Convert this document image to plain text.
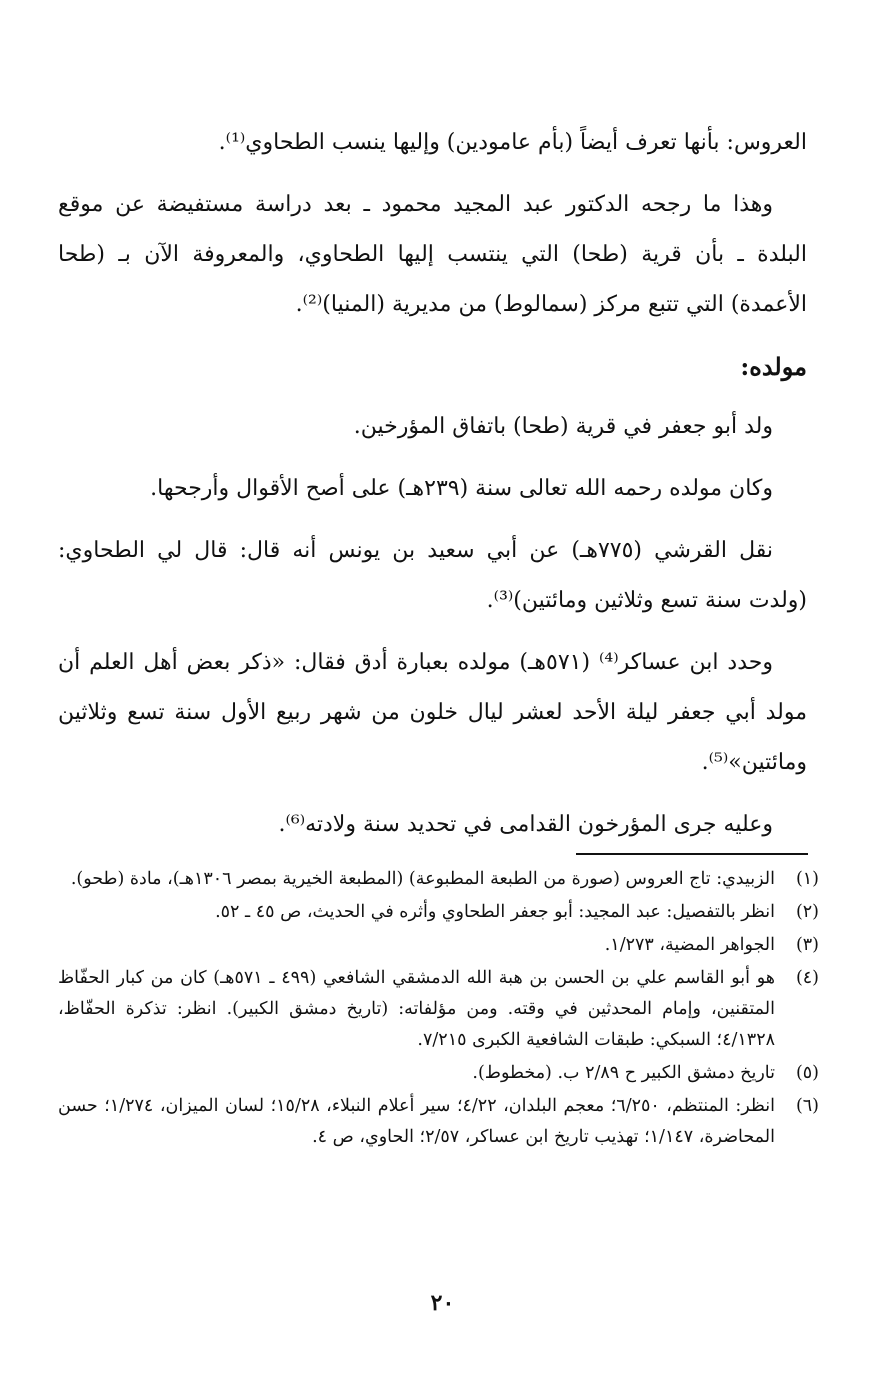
العروس: بأنها تعرف أيضاً (بأم عامودين) وإليها ينسب الطحاوي⁽¹⁾.

وهذا ما رجحه الدكتور عبد المجيد محمود ـ بعد دراسة مستفيضة عن موقع البلدة ـ بأن قرية (طحا) التي ينتسب إليها الطحاوي، والمعروفة الآن بـ (طحا الأعمدة) التي تتبع مركز (سمالوط) من مديرية (المنيا)⁽²⁾.

مولده:

ولد أبو جعفر في قرية (طحا) باتفاق المؤرخين.

وكان مولده رحمه الله تعالى سنة (٢٣٩هـ) على أصح الأقوال وأرجحها.

نقل القرشي (٧٧٥هـ) عن أبي سعيد بن يونس أنه قال: قال لي الطحاوي: (ولدت سنة تسع وثلاثين ومائتين)⁽³⁾.

وحدد ابن عساكر⁽⁴⁾ (٥٧١هـ) مولده بعبارة أدق فقال: «ذكر بعض أهل العلم أن مولد أبي جعفر ليلة الأحد لعشر ليال خلون من شهر ربيع الأول سنة تسع وثلاثين ومائتين»⁽⁵⁾.

وعليه جرى المؤرخون القدامى في تحديد سنة ولادته⁽⁶⁾.

(١)
الزبيدي: تاج العروس (صورة من الطبعة المطبوعة) (المطبعة الخيرية بمصر ١٣٠٦هـ)، مادة (طحو).
(٢)
انظر بالتفصيل: عبد المجيد: أبو جعفر الطحاوي وأثره في الحديث، ص ٤٥ ـ ٥٢.
(٣)
الجواهر المضية، ١/٢٧٣.
(٤)
هو أبو القاسم علي بن الحسن بن هبة الله الدمشقي الشافعي (٤٩٩ ـ ٥٧١هـ) كان من كبار الحفّاظ المتقنين، وإمام المحدثين في وقته. ومن مؤلفاته: (تاريخ دمشق الكبير). انظر: تذكرة الحفّاظ، ٤/١٣٢٨؛ السبكي: طبقات الشافعية الكبرى ٧/٢١٥.
(٥)
تاريخ دمشق الكبير ح ٢/٨٩ ب. (مخطوط).
(٦)
انظر: المنتظم، ٦/٢٥٠؛ معجم البلدان، ٤/٢٢؛ سير أعلام النبلاء، ١٥/٢٨؛ لسان الميزان، ١/٢٧٤؛ حسن المحاضرة، ١/١٤٧؛ تهذيب تاريخ ابن عساكر، ٢/٥٧؛ الحاوي، ص ٤.
٢٠
